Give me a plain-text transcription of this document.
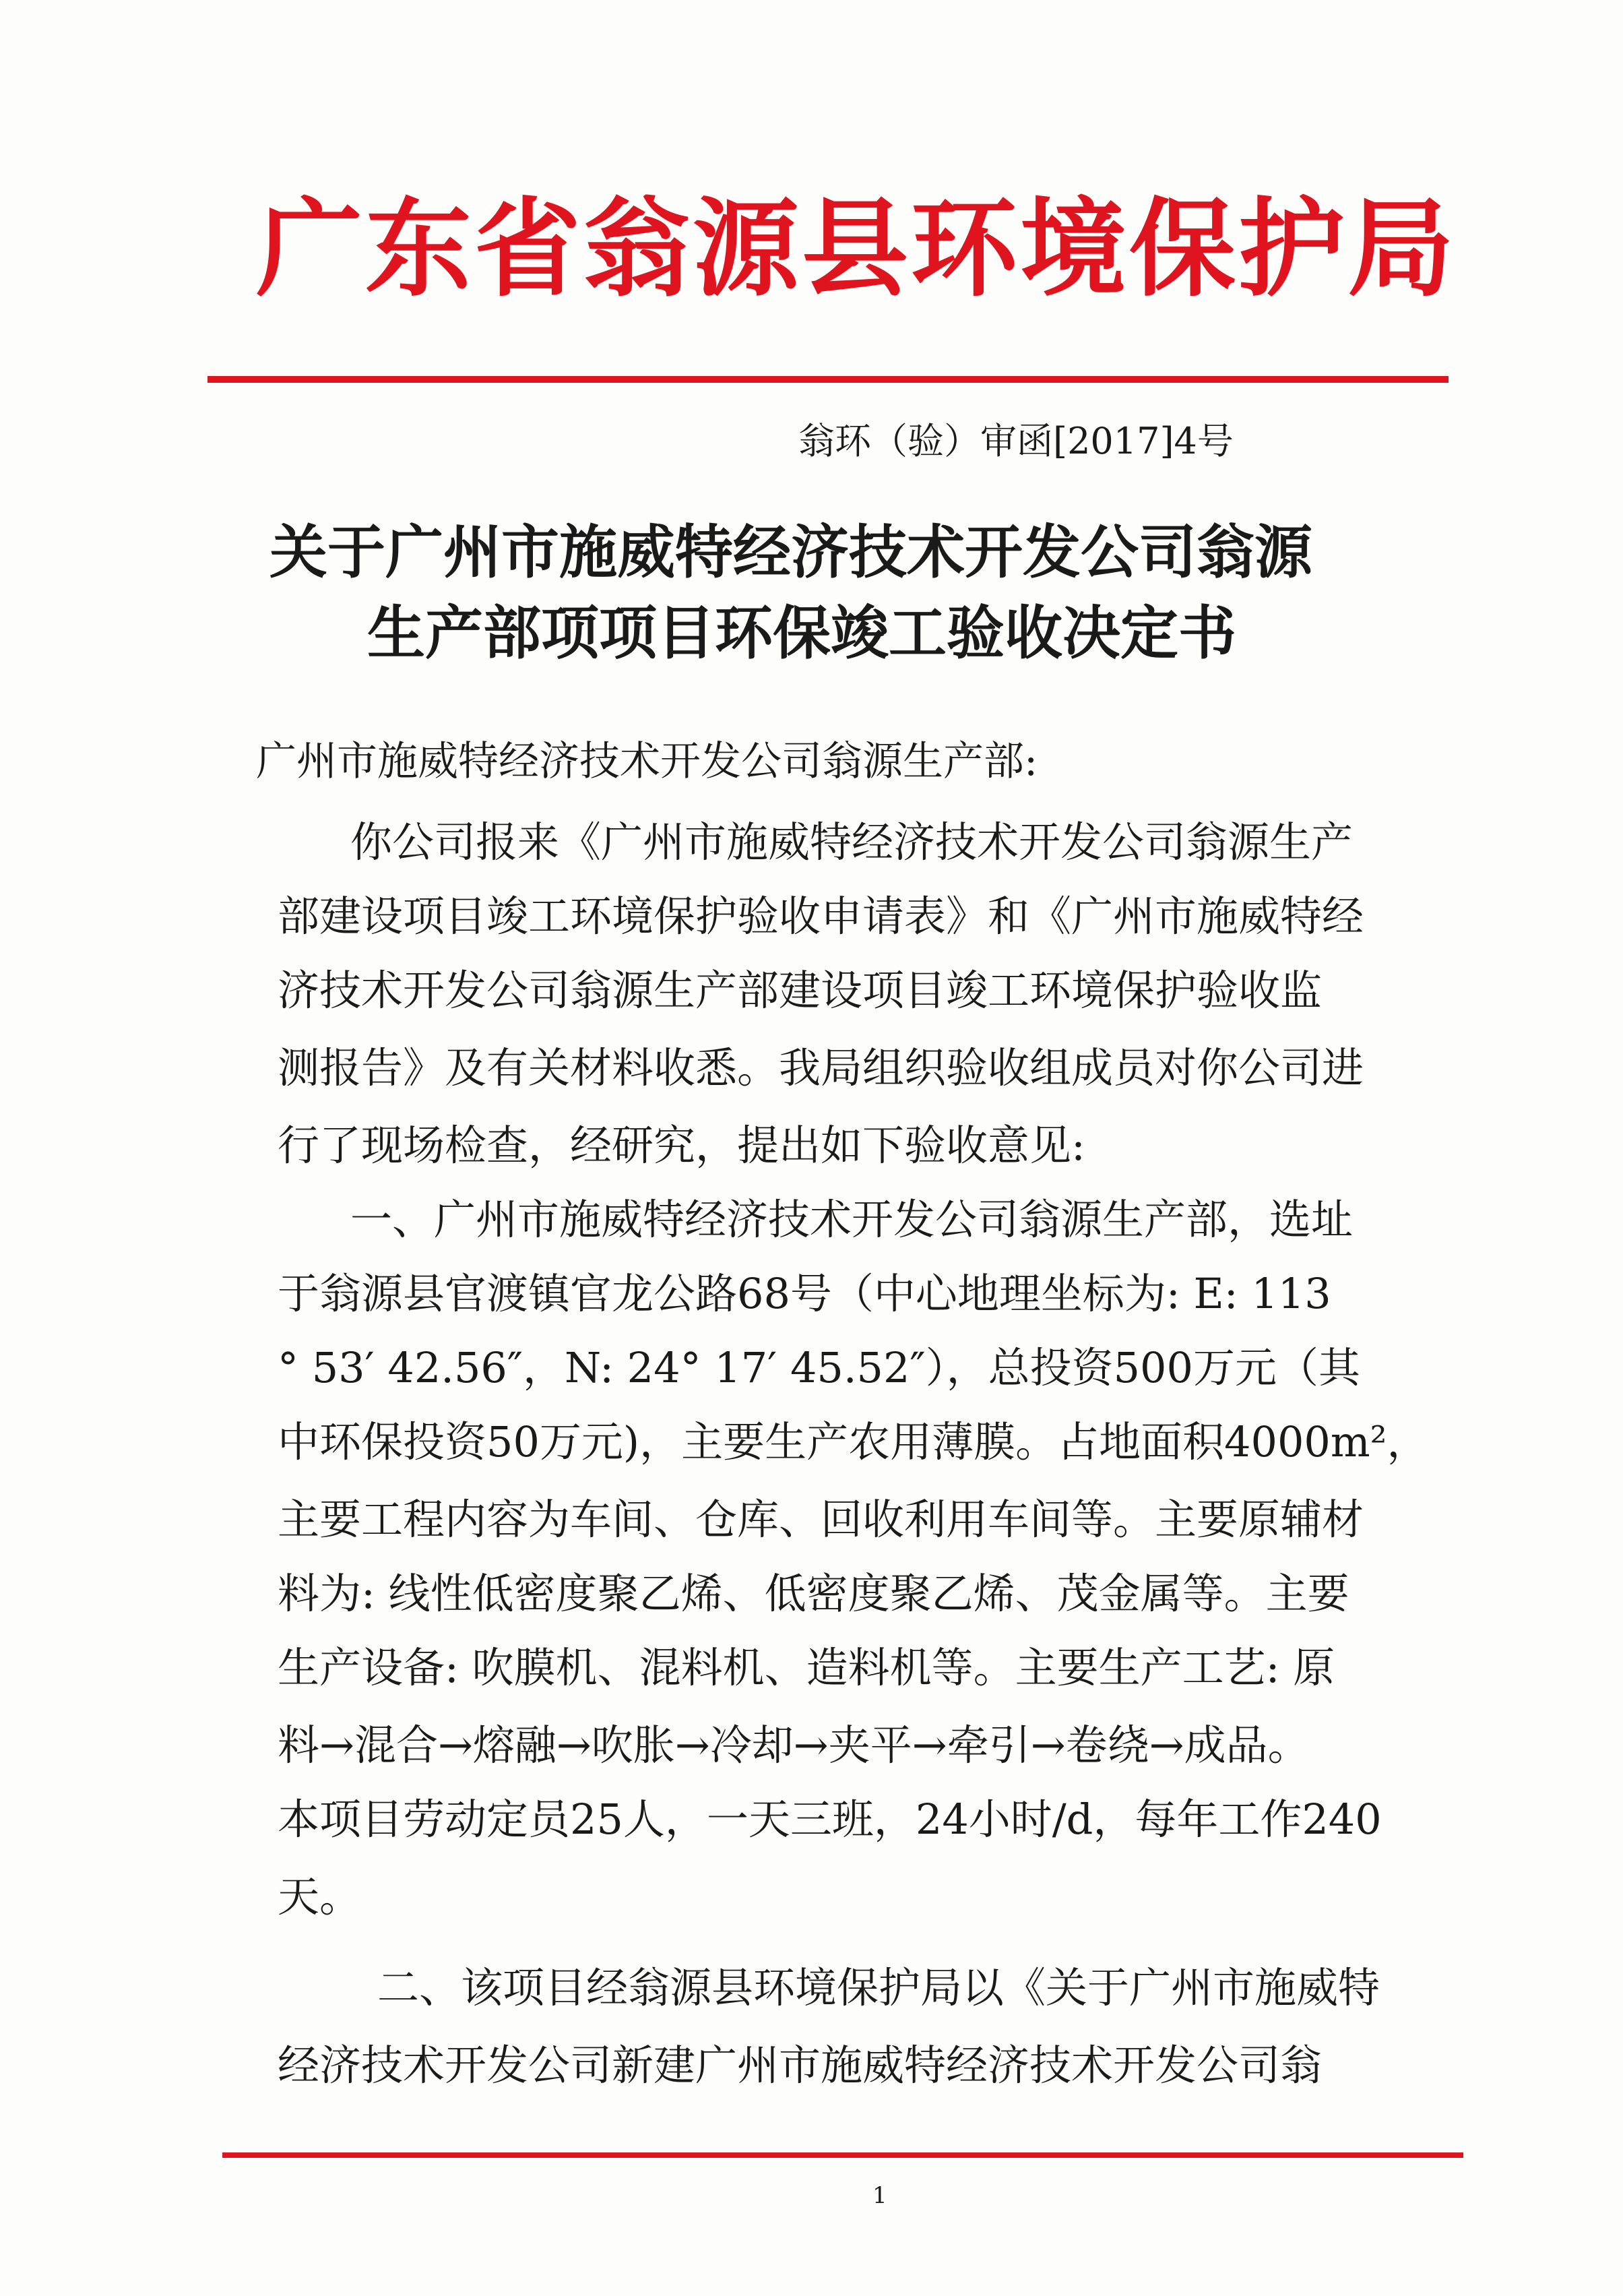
广东省翁源县环境保护局
翁环（验）审函[2017]4号
关于广州市施威特经济技术开发公司翁源
生产部项项目环保竣工验收决定书
广州市施威特经济技术开发公司翁源生产部:
你公司报来《广州市施威特经济技术开发公司翁源生产
部建设项目竣工环境保护验收申请表》和《广州市施威特经
济技术开发公司翁源生产部建设项目竣工环境保护验收监
测报告》及有关材料收悉。我局组织验收组成员对你公司进
行了现场检查，经研究，提出如下验收意见:
一、广州市施威特经济技术开发公司翁源生产部，选址
于翁源县官渡镇官龙公路68号（中心地理坐标为: E: 113
° 53′ 42.56″，N: 24° 17′ 45.52″），总投资500万元（其
中环保投资50万元)，主要生产农用薄膜。占地面积4000m²，
主要工程内容为车间、仓库、回收利用车间等。主要原辅材
料为: 线性低密度聚乙烯、低密度聚乙烯、茂金属等。主要
生产设备: 吹膜机、混料机、造料机等。主要生产工艺: 原
料→混合→熔融→吹胀→冷却→夹平→牵引→卷绕→成品。
本项目劳动定员25人，一天三班，24小时/d，每年工作240
天。
二、该项目经翁源县环境保护局以《关于广州市施威特
经济技术开发公司新建广州市施威特经济技术开发公司翁
1
